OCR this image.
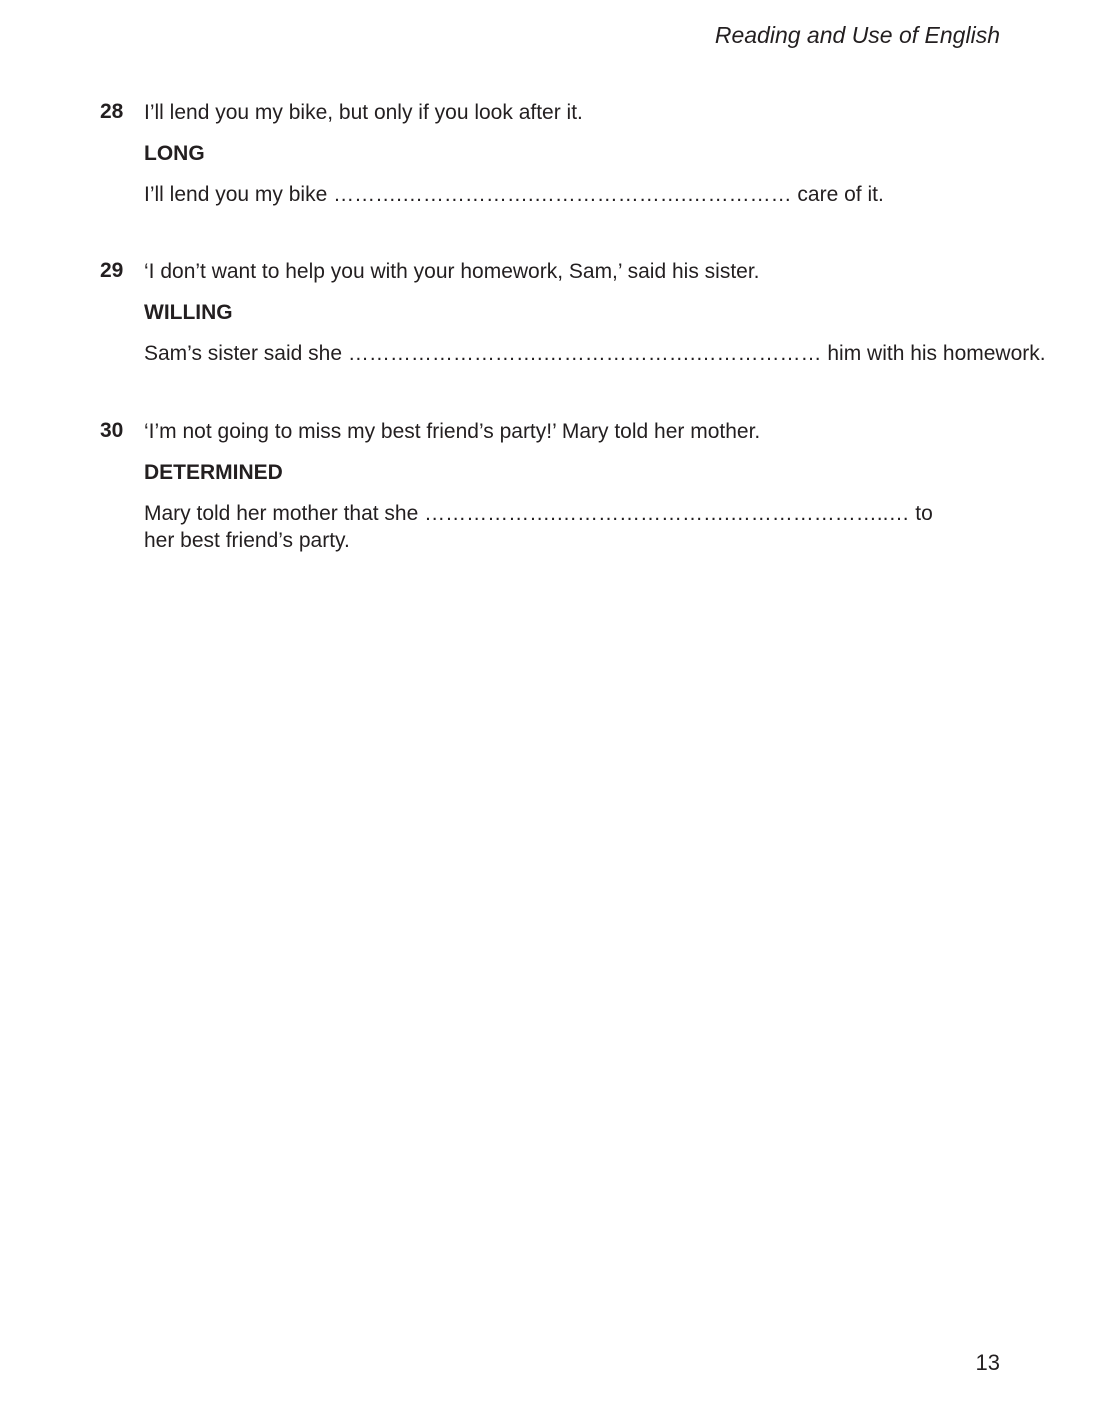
Reading and Use of English
28 I’ll lend you my bike, but only if you look after it.
LONG
I’ll lend you my bike ……….……………….………………….…………… care of it.
29 ‘I don’t want to help you with your homework, Sam,’ said his sister.
WILLING
Sam’s sister said she ……………………….………………….……………… him with his homework.
30 ‘I’m not going to miss my best friend’s party!’ Mary told her mother.
DETERMINED
Mary told her mother that she ……………….…………………….…………………..… to her best friend’s party.
13
